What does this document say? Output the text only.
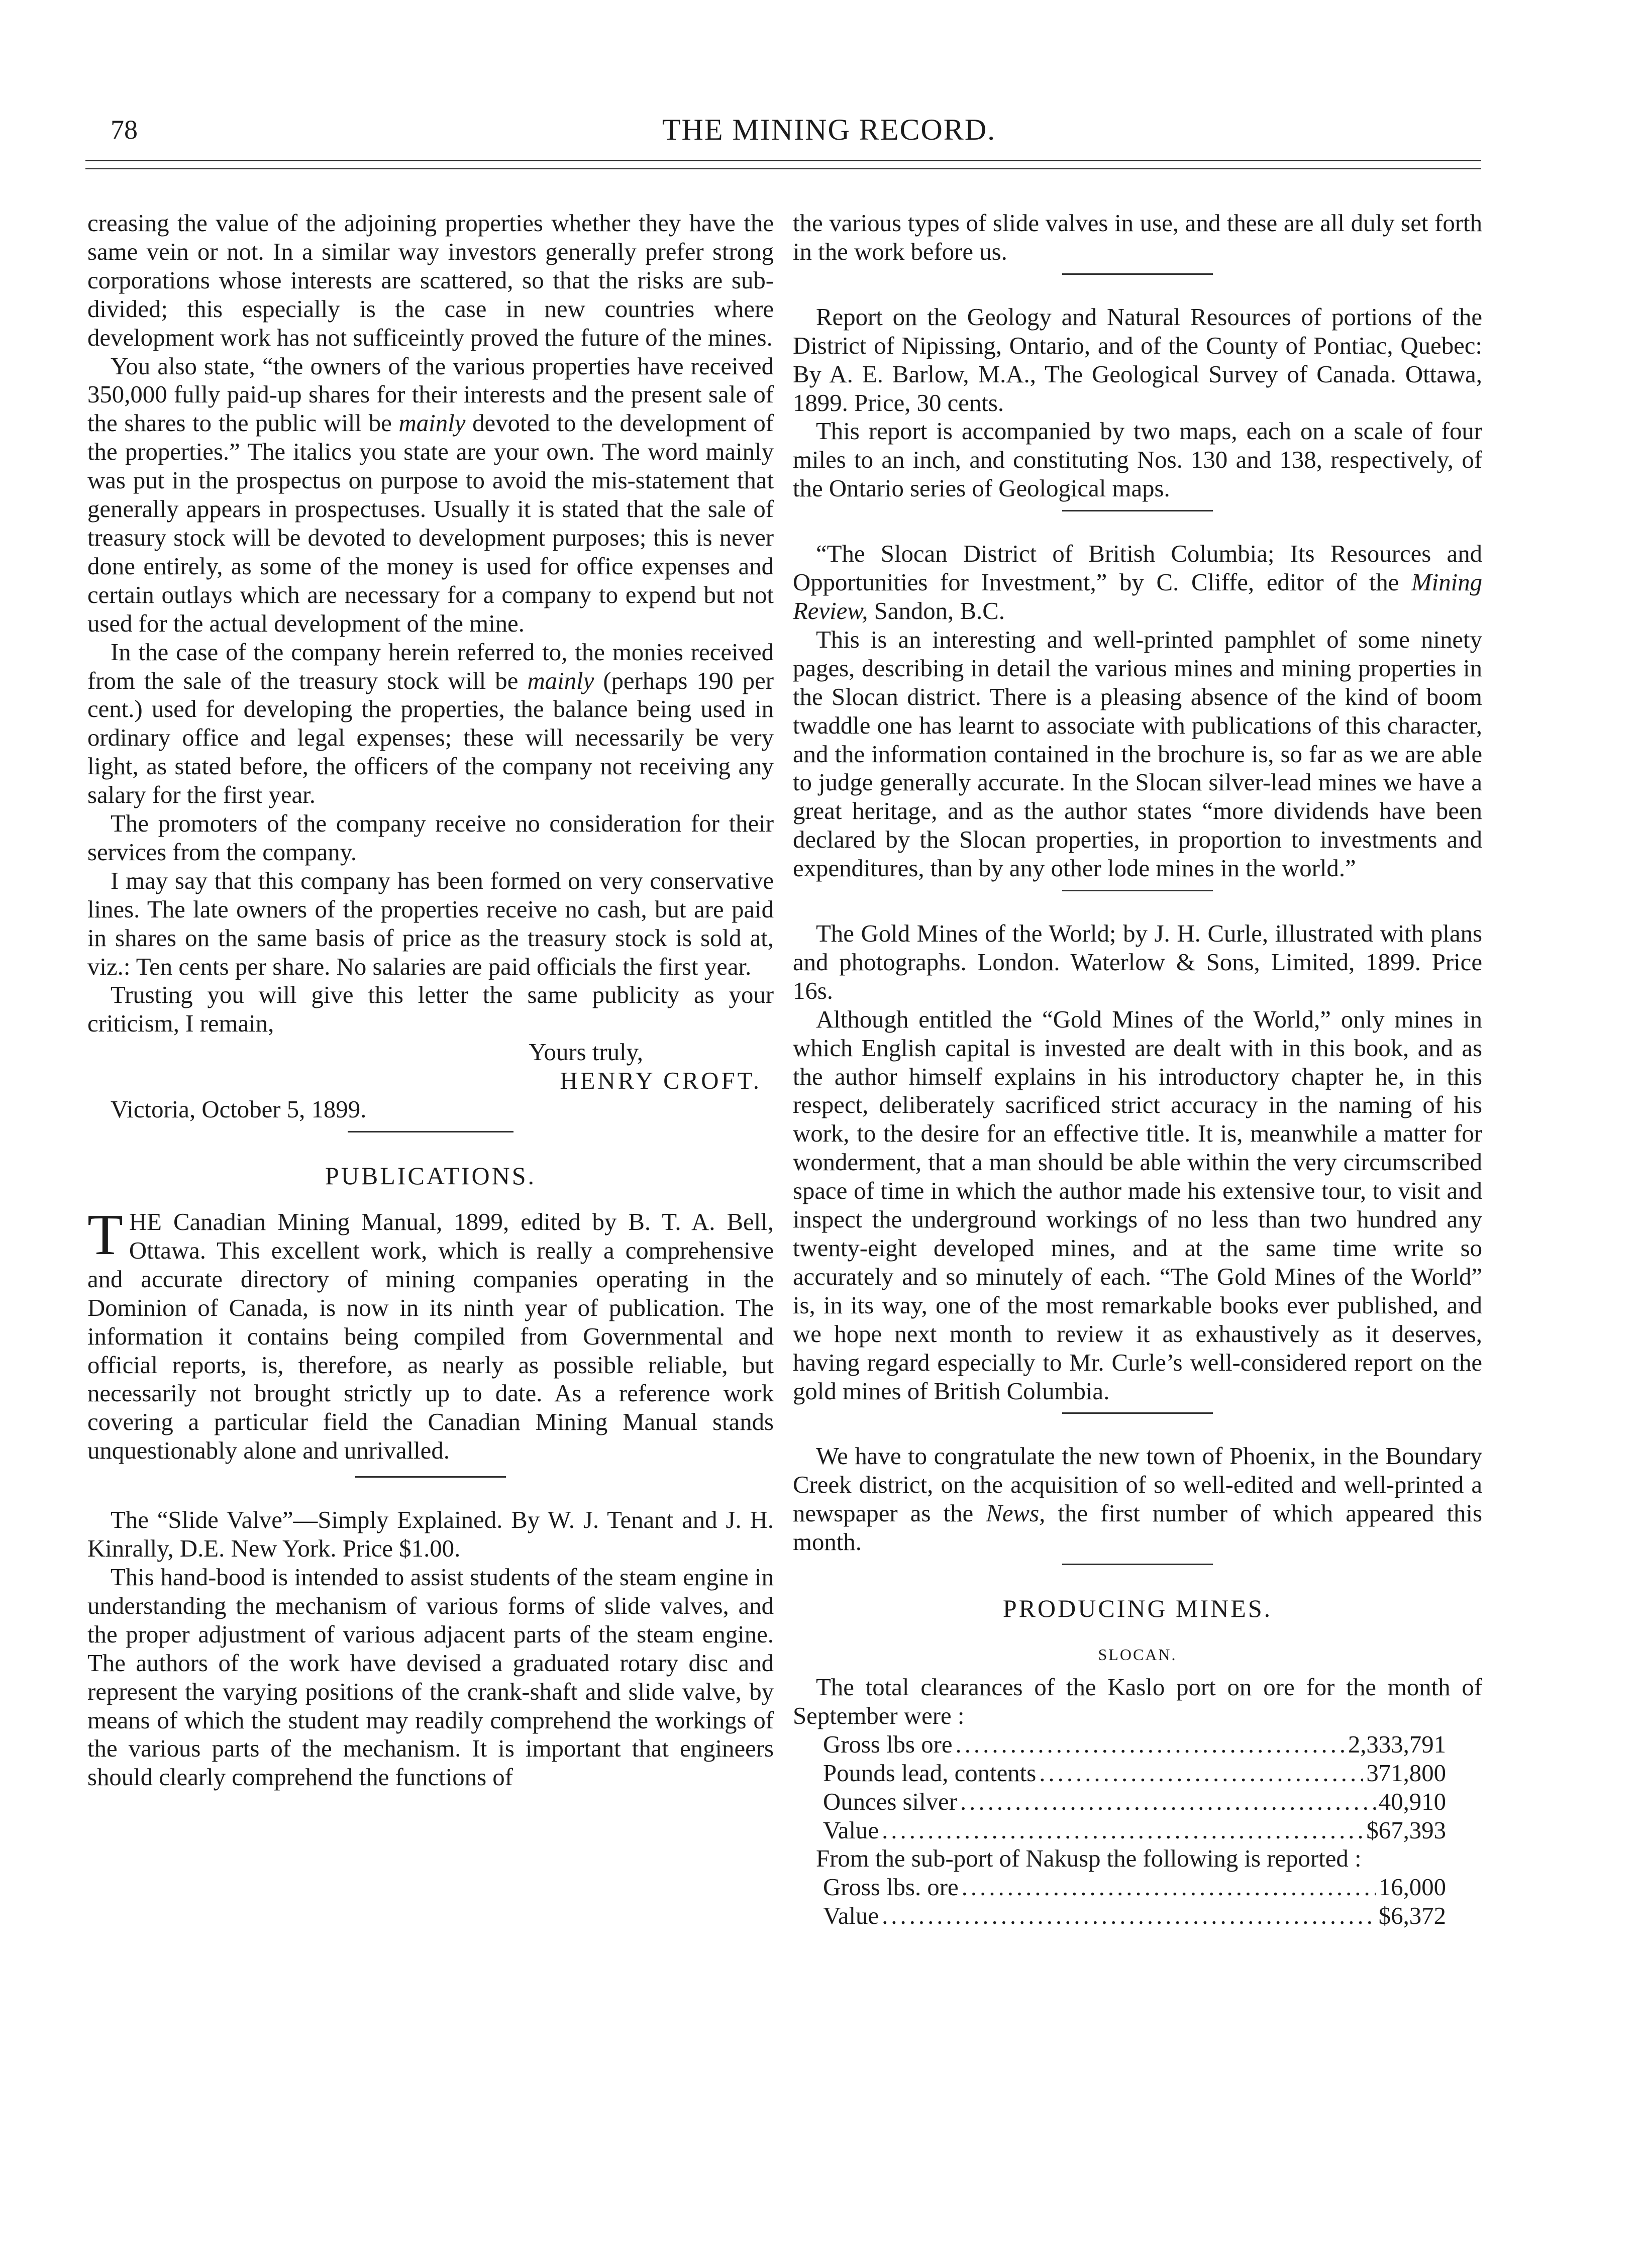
78	THE MINING RECORD.

creasing the value of the adjoining properties whether they have the same vein or not. In a similar way investors generally prefer strong corporations whose interests are scattered, so that the risks are sub-divided; this especially is the case in new countries where development work has not sufficeintly proved the future of the mines.

You also state, “the owners of the various properties have received 350,000 fully paid-up shares for their interests and the present sale of the shares to the public will be mainly devoted to the development of the properties.” The italics you state are your own. The word mainly was put in the prospectus on purpose to avoid the mis-statement that generally appears in prospectuses. Usually it is stated that the sale of treasury stock will be devoted to development purposes; this is never done entirely, as some of the money is used for office expenses and certain outlays which are necessary for a company to expend but not used for the actual development of the mine.

In the case of the company herein referred to, the monies received from the sale of the treasury stock will be mainly (perhaps 190 per cent.) used for developing the properties, the balance being used in ordinary office and legal expenses; these will necessarily be very light, as stated before, the officers of the company not receiving any salary for the first year.

The promoters of the company receive no consideration for their services from the company.

I may say that this company has been formed on very conservative lines. The late owners of the properties receive no cash, but are paid in shares on the same basis of price as the treasury stock is sold at, viz.: Ten cents per share. No salaries are paid officials the first year.

Trusting you will give this letter the same publicity as your criticism, I remain,

Yours truly,

HENRY CROFT.

Victoria, October 5, 1899.

PUBLICATIONS.

THE Canadian Mining Manual, 1899, edited by B. T. A. Bell, Ottawa. This excellent work, which is really a comprehensive and accurate directory of mining companies operating in the Dominion of Canada, is now in its ninth year of publication. The information it contains being compiled from Governmental and official reports, is, therefore, as nearly as possible reliable, but necessarily not brought strictly up to date. As a reference work covering a particular field the Canadian Mining Manual stands unquestionably alone and unrivalled.

The “Slide Valve”—Simply Explained. By W. J. Tenant and J. H. Kinrally, D.E. New York. Price $1.00.

This hand-bood is intended to assist students of the steam engine in understanding the mechanism of various forms of slide valves, and the proper adjustment of various adjacent parts of the steam engine. The authors of the work have devised a graduated rotary disc and represent the varying positions of the crank-shaft and slide valve, by means of which the student may readily comprehend the workings of the various parts of the mechanism. It is important that engineers should clearly comprehend the functions of

the various types of slide valves in use, and these are all duly set forth in the work before us.

Report on the Geology and Natural Resources of portions of the District of Nipissing, Ontario, and of the County of Pontiac, Quebec: By A. E. Barlow, M.A., The Geological Survey of Canada. Ottawa, 1899. Price, 30 cents.

This report is accompanied by two maps, each on a scale of four miles to an inch, and constituting Nos. 130 and 138, respectively, of the Ontario series of Geological maps.

“The Slocan District of British Columbia; Its Resources and Opportunities for Investment,” by C. Cliffe, editor of the Mining Review, Sandon, B.C.

This is an interesting and well-printed pamphlet of some ninety pages, describing in detail the various mines and mining properties in the Slocan district. There is a pleasing absence of the kind of boom twaddle one has learnt to associate with publications of this character, and the information contained in the brochure is, so far as we are able to judge generally accurate. In the Slocan silver-lead mines we have a great heritage, and as the author states “more dividends have been declared by the Slocan properties, in proportion to investments and expenditures, than by any other lode mines in the world.”

The Gold Mines of the World; by J. H. Curle, illustrated with plans and photographs. London. Waterlow & Sons, Limited, 1899. Price 16s.

Although entitled the “Gold Mines of the World,” only mines in which English capital is invested are dealt with in this book, and as the author himself explains in his introductory chapter he, in this respect, deliberately sacrificed strict accuracy in the naming of his work, to the desire for an effective title. It is, meanwhile a matter for wonderment, that a man should be able within the very circumscribed space of time in which the author made his extensive tour, to visit and inspect the underground workings of no less than two hundred any twenty-eight developed mines, and at the same time write so accurately and so minutely of each. “The Gold Mines of the World” is, in its way, one of the most remarkable books ever published, and we hope next month to review it as exhaustively as it deserves, having regard especially to Mr. Curle’s well-considered report on the gold mines of British Columbia.

We have to congratulate the new town of Phoenix, in the Boundary Creek district, on the acquisition of so well-edited and well-printed a newspaper as the News, the first number of which appeared this month.

PRODUCING MINES.
SLOCAN.

The total clearances of the Kaslo port on ore for the month of September were :

Gross lbs ore .....	2,333,791
Pounds lead, contents .....	371,800
Ounces silver .....	40,910
Value .....	$67,393

From the sub-port of Nakusp the following is reported :

Gross lbs. ore .....	16,000
Value .....	$6,372
